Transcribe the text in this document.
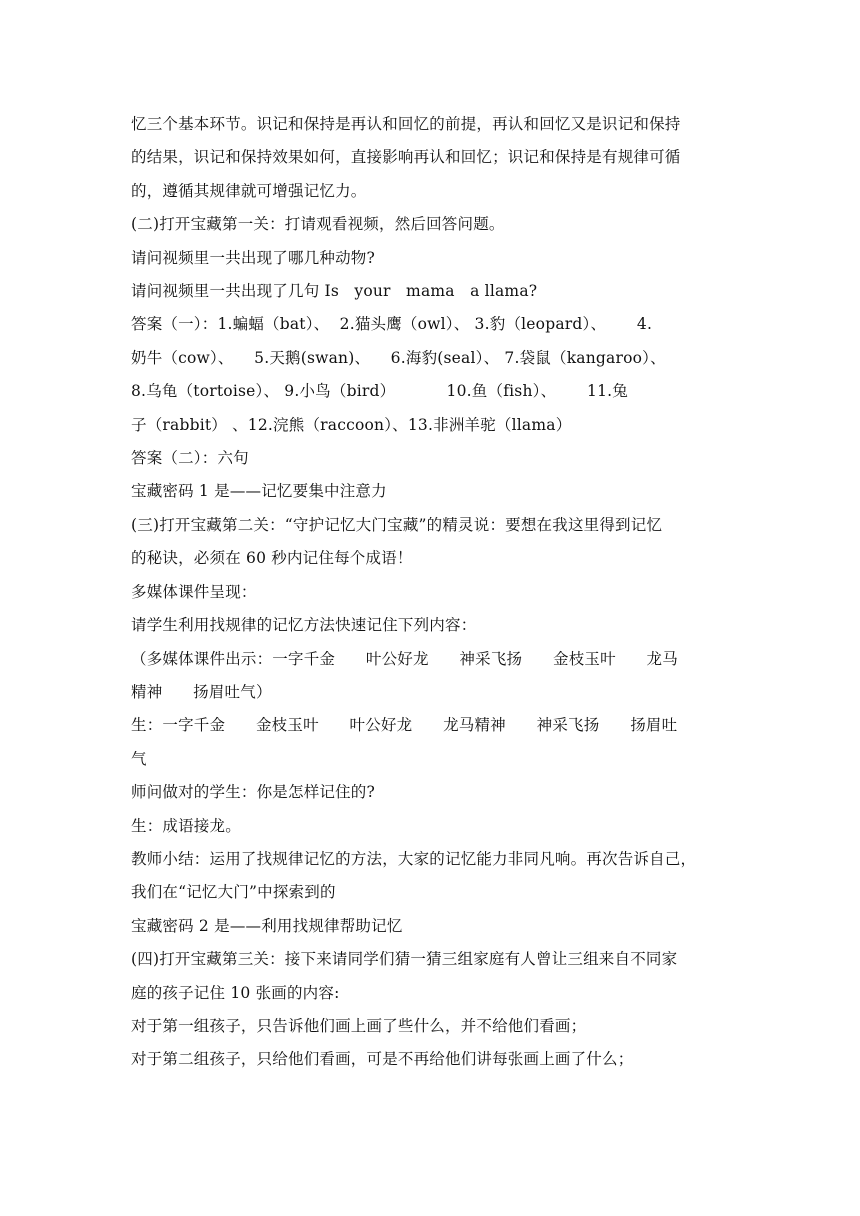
忆三个基本环节。识记和保持是再认和回忆的前提，再认和回忆又是识记和保持

的结果，识记和保持效果如何，直接影响再认和回忆；识记和保持是有规律可循

的，遵循其规律就可增强记忆力。

(二)打开宝藏第一关：打请观看视频，然后回答问题。

请问视频里一共出现了哪几种动物?

请问视频里一共出现了几句 Is   your   mama   a llama?

答案（一）：1.蝙蝠（bat）、  2.猫头鹰（owl）、 3.豹（leopard）、      4.

奶牛（cow）、    5.天鹅(swan)、    6.海豹(seal）、 7.袋鼠（kangaroo）、

8.乌龟（tortoise）、 9.小鸟（bird）          10.鱼（fish）、      11.兔

子（rabbit） 、12.浣熊（raccoon）、13.非洲羊驼（llama）

答案（二）：六句

宝藏密码 1 是——记忆要集中注意力

(三)打开宝藏第二关：“守护记忆大门宝藏”的精灵说：要想在我这里得到记忆

的秘诀，必须在 60 秒内记住每个成语！

多媒体课件呈现：

请学生利用找规律的记忆方法快速记住下列内容：

（多媒体课件出示：一字千金      叶公好龙      神采飞扬      金枝玉叶      龙马

精神      扬眉吐气）

生：一字千金      金枝玉叶      叶公好龙      龙马精神      神采飞扬      扬眉吐

气

师问做对的学生：你是怎样记住的?

生：成语接龙。

教师小结：运用了找规律记忆的方法，大家的记忆能力非同凡响。再次告诉自己，

我们在“记忆大门”中探索到的

宝藏密码 2 是——利用找规律帮助记忆

(四)打开宝藏第三关：接下来请同学们猜一猜三组家庭有人曾让三组来自不同家

庭的孩子记住 10 张画的内容:

对于第一组孩子，只告诉他们画上画了些什么，并不给他们看画；

对于第二组孩子，只给他们看画，可是不再给他们讲每张画上画了什么；
